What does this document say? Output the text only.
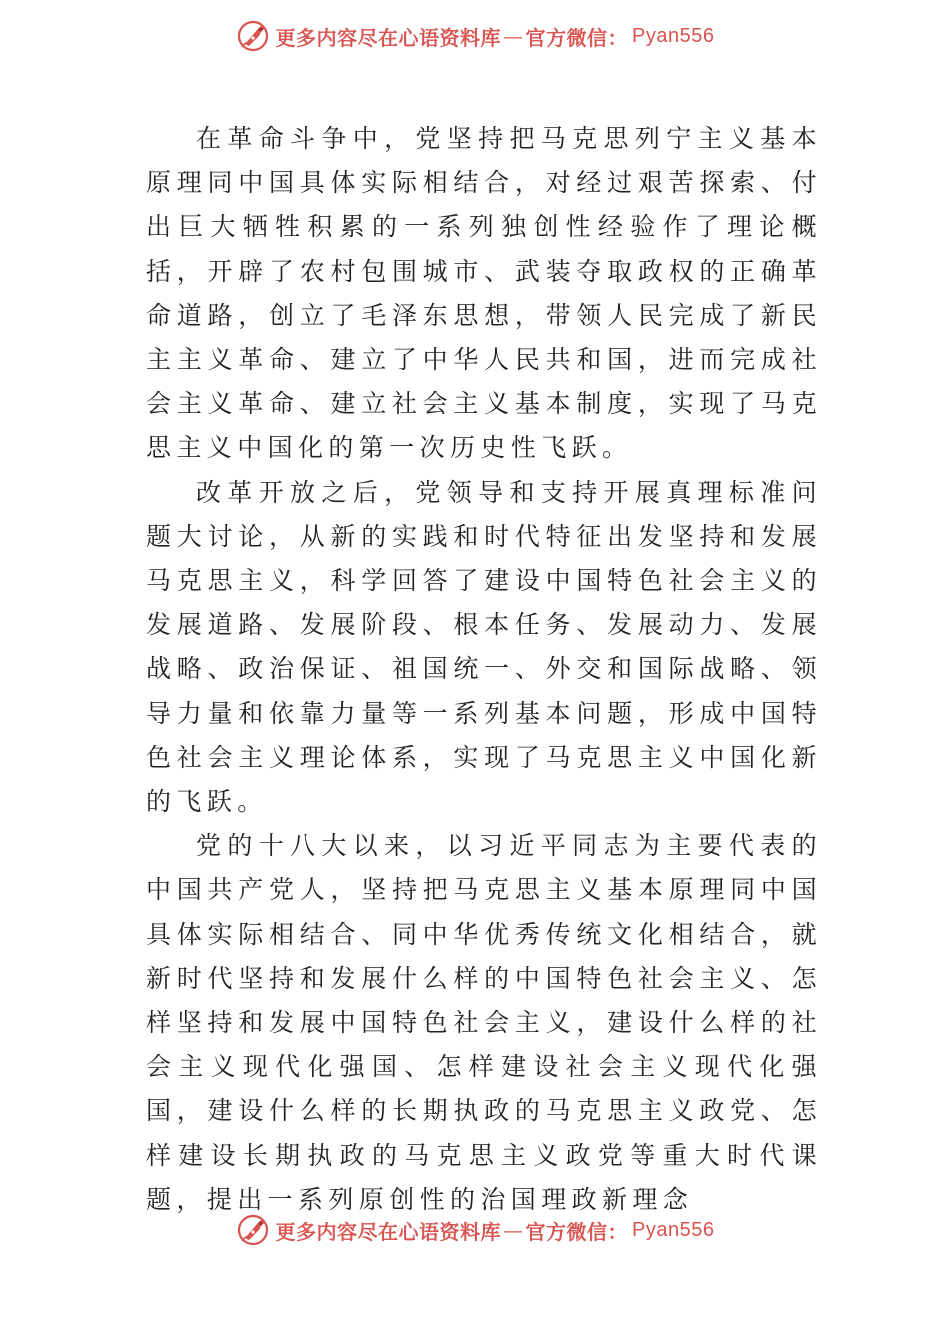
更多内容尽在心语资料库 — 官方微信： Pyan556

在革命斗争中，党坚持把马克思列宁主义基本原理同中国具体实际相结合，对经过艰苦探索、付出巨大牺牲积累的一系列独创性经验作了理论概括，开辟了农村包围城市、武装夺取政权的正确革命道路，创立了毛泽东思想，带领人民完成了新民主主义革命、建立了中华人民共和国，进而完成社会主义革命、建立社会主义基本制度，实现了马克思主义中国化的第一次历史性飞跃。

改革开放之后，党领导和支持开展真理标准问题大讨论，从新的实践和时代特征出发坚持和发展马克思主义，科学回答了建设中国特色社会主义的发展道路、发展阶段、根本任务、发展动力、发展战略、政治保证、祖国统一、外交和国际战略、领导力量和依靠力量等一系列基本问题，形成中国特色社会主义理论体系，实现了马克思主义中国化新的飞跃。

党的十八大以来，以习近平同志为主要代表的中国共产党人，坚持把马克思主义基本原理同中国具体实际相结合、同中华优秀传统文化相结合，就新时代坚持和发展什么样的中国特色社会主义、怎样坚持和发展中国特色社会主义，建设什么样的社会主义现代化强国、怎样建设社会主义现代化强国，建设什么样的长期执政的马克思主义政党、怎样建设长期执政的马克思主义政党等重大时代课题，提出一系列原创性的治国理政新理念

更多内容尽在心语资料库 — 官方微信： Pyan556
